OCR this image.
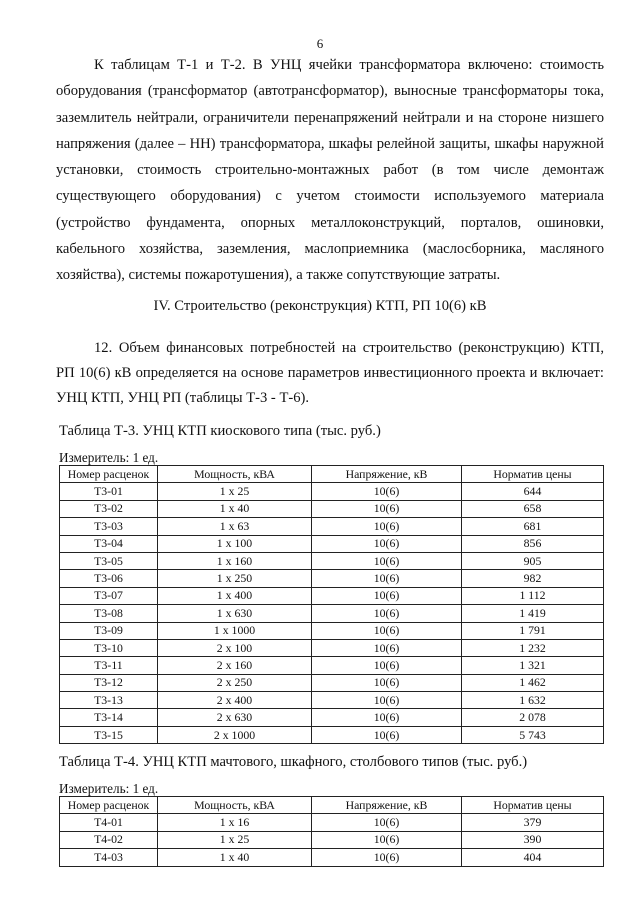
6

К таблицам Т-1 и Т-2. В УНЦ ячейки трансформатора включено: стоимость оборудования (трансформатор (автотрансформатор), выносные трансформаторы тока, заземлитель нейтрали, ограничители перенапряжений нейтрали и на стороне низшего напряжения (далее – НН) трансформатора, шкафы релейной защиты, шкафы наружной установки, стоимость строительно-монтажных работ (в том числе демонтаж существующего оборудования) с учетом стоимости используемого материала (устройство фундамента, опорных металлоконструкций, порталов, ошиновки, кабельного хозяйства, заземления, маслоприемника (маслосборника, масляного хозяйства), системы пожаротушения), а также сопутствующие затраты.

IV. Строительство (реконструкция) КТП, РП 10(6) кВ

12. Объем финансовых потребностей на строительство (реконструкцию) КТП, РП 10(6) кВ определяется на основе параметров инвестиционного проекта и включает: УНЦ КТП, УНЦ РП (таблицы Т-3 - Т-6).

Таблица Т-3. УНЦ КТП киоскового типа (тыс. руб.)
Измеритель: 1 ед.
Номер расценок	Мощность, кВА	Напряжение, кВ	Норматив цены
Т3-01	1 x 25	10(6)	644
Т3-02	1 x 40	10(6)	658
Т3-03	1 x 63	10(6)	681
Т3-04	1 x 100	10(6)	856
Т3-05	1 x 160	10(6)	905
Т3-06	1 x 250	10(6)	982
Т3-07	1 x 400	10(6)	1 112
Т3-08	1 x 630	10(6)	1 419
Т3-09	1 x 1000	10(6)	1 791
Т3-10	2 x 100	10(6)	1 232
Т3-11	2 x 160	10(6)	1 321
Т3-12	2 x 250	10(6)	1 462
Т3-13	2 x 400	10(6)	1 632
Т3-14	2 x 630	10(6)	2 078
Т3-15	2 x 1000	10(6)	5 743
Таблица Т-4. УНЦ КТП мачтового, шкафного, столбового типов (тыс. руб.)
Измеритель: 1 ед.
Номер расценок	Мощность, кВА	Напряжение, кВ	Норматив цены
Т4-01	1 x 16	10(6)	379
Т4-02	1 x 25	10(6)	390
Т4-03	1 x 40	10(6)	404
